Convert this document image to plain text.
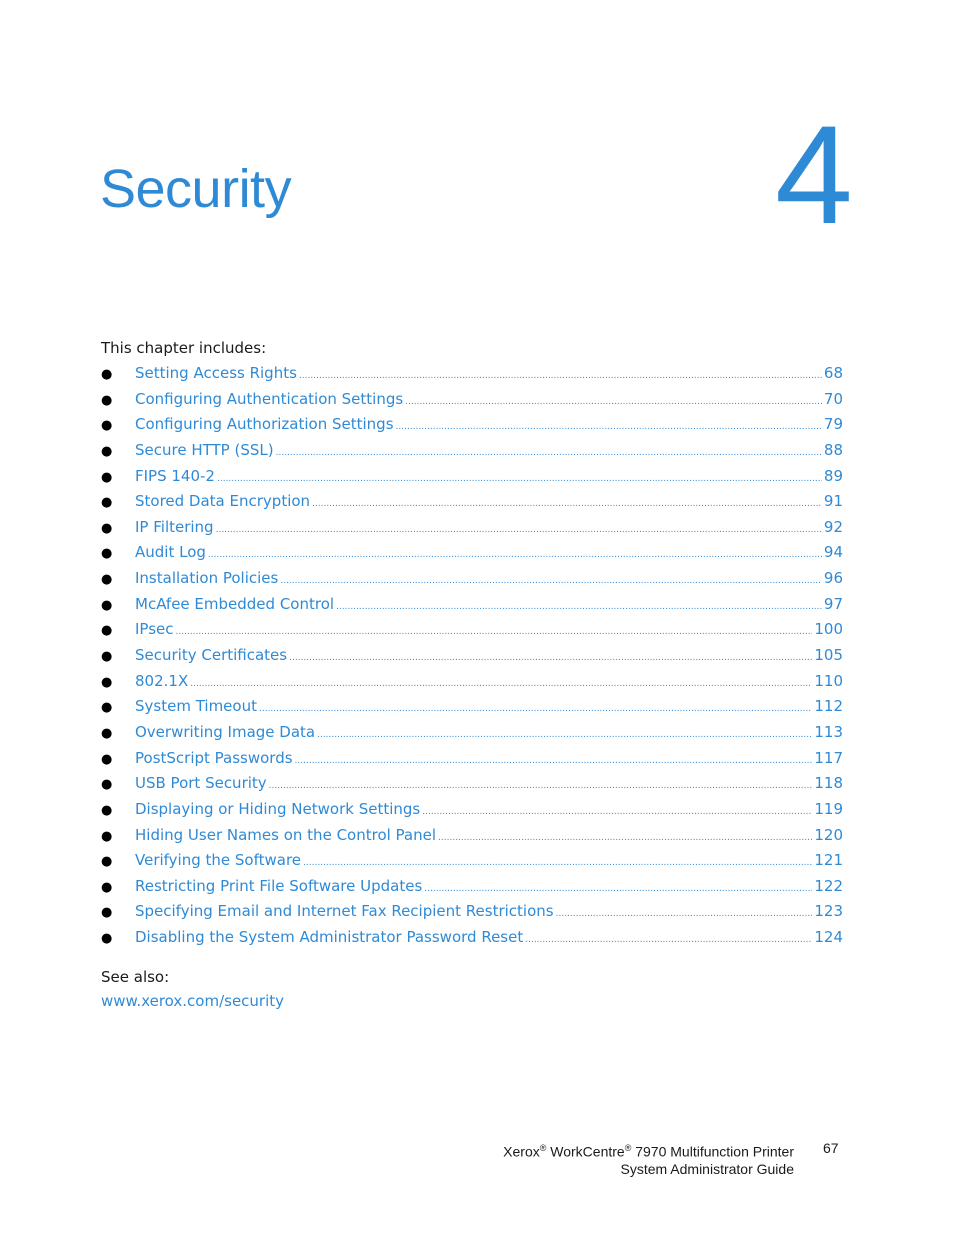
Security	4
This chapter includes:
●	Setting Access Rights .....	68
●	Configuring Authentication Settings .....	70
●	Configuring Authorization Settings .....	79
●	Secure HTTP (SSL) .....	88
●	FIPS 140-2 .....	89
●	Stored Data Encryption .....	91
●	IP Filtering .....	92
●	Audit Log .....	94
●	Installation Policies .....	96
●	McAfee Embedded Control .....	97
●	IPsec .....	100
●	Security Certificates .....	105
●	802.1X .....	110
●	System Timeout .....	112
●	Overwriting Image Data .....	113
●	PostScript Passwords .....	117
●	USB Port Security .....	118
●	Displaying or Hiding Network Settings .....	119
●	Hiding User Names on the Control Panel .....	120
●	Verifying the Software .....	121
●	Restricting Print File Software Updates .....	122
●	Specifying Email and Internet Fax Recipient Restrictions .....	123
●	Disabling the System Administrator Password Reset .....	124
See also:
www.xerox.com/security
Xerox® WorkCentre® 7970 Multifunction Printer
System Administrator Guide
67
